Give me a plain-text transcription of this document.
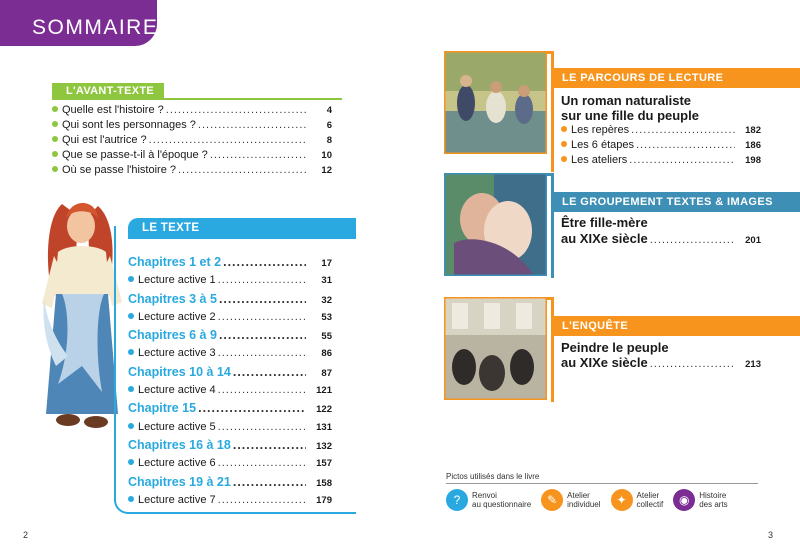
SOMMAIRE
L'AVANT-TEXTE
Quelle est l'histoire ? .....	4
Qui sont les personnages ? .....	6
Qui est l'autrice ? .....	8
Que se passe-t-il à l'époque ? .....	10
Où se passe l'histoire ? .....	12
LE TEXTE
Chapitres 1 et 2 .....	17
Lecture active 1 .....	31
Chapitres 3 à 5 .....	32
Lecture active 2 .....	53
Chapitres 6 à 9 .....	55
Lecture active 3 .....	86
Chapitres 10 à 14 .....	87
Lecture active 4 .....	121
Chapitre 15 .....	122
Lecture active 5 .....	131
Chapitres 16 à 18 .....	132
Lecture active 6 .....	157
Chapitres 19 à 21 .....	158
Lecture active 7 .....	179
LE PARCOURS DE LECTURE
Un roman naturaliste
sur une fille du peuple
Les repères .....	182
Les 6 étapes .....	186
Les ateliers .....	198
LE GROUPEMENT TEXTES & IMAGES
Être fille-mère
au XIXe siècle .....	201
L'ENQUÊTE
Peindre le peuple
au XIXe siècle .....	213
Pictos utilisés dans le livre
?	Renvoi
au questionnaire	✎	Atelier
individuel	✦	Atelier
collectif	◉	Histoire
des arts
2	3
